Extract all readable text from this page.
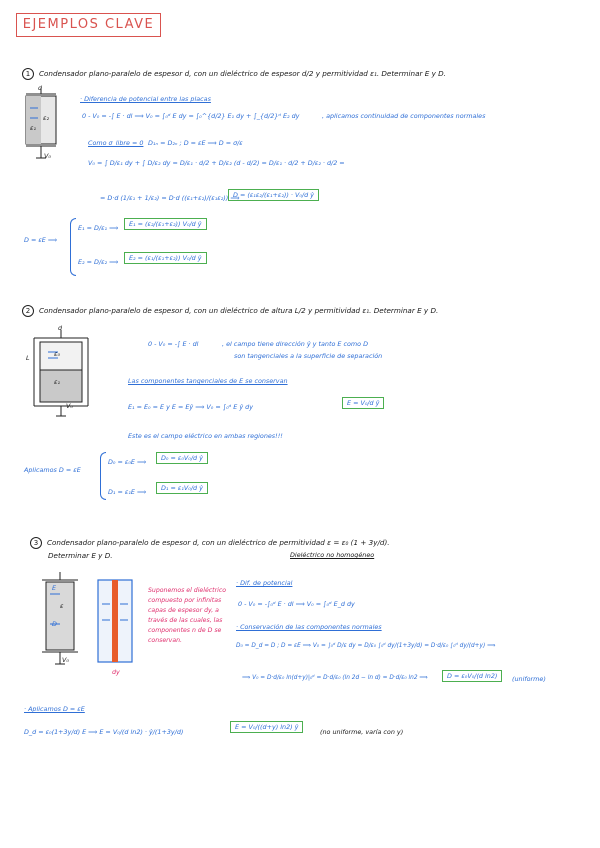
EJEMPLOS CLAVE
1 Condensador plano-paralelo de espesor d, con un dieléctrico de espesor d/2 y permitividad ε₁. Determinar E y D.
d
ε₂
ε₁
V₀
· Diferencia de potencial entre las placas
0 - V₀ = -∫ E · dl ⟹ V₀ = ∫₀ᵈ E dy = ∫₀^{d/2} E₁ dy + ∫_{d/2}ᵈ E₂ dy	, aplicamos continuidad de componentes normales
Como σ_libre = 0 D₁ₙ = D₂ₙ ; D = εE ⟹ D = σ/ε
V₀ = ∫ D/ε₁ dy + ∫ D/ε₂ dy = D/ε₁ · d/2 + D/ε₂ (d - d/2) = D/ε₁ · d/2 + D/ε₂ · d/2 =
= D·d (1/ε₁ + 1/ε₂) = D·d ((ε₁+ε₂)/(ε₁ε₂)) ⟹
D = (ε₁ε₂/(ε₁+ε₂)) · V₀/d ŷ
D = εE ⟹
E₁ = D/ε₁ ⟹	E₁ = (ε₂/(ε₁+ε₂)) V₀/d ŷ
E₂ = D/ε₂ ⟹	E₂ = (ε₁/(ε₁+ε₂)) V₀/d ŷ
2 Condensador plano-paralelo de espesor d, con un dieléctrico de altura L/2 y permitividad ε₁. Determinar E y D.
d
L	ε₀
ε₁
V₀
0 - V₀ = -∫ E · dl	, el campo tiene dirección ŷ y tanto E como D
son tangenciales a la superficie de separación
Las componentes tangenciales de E se conservan
E₁ = E₀ = E y E = Eŷ ⟹ V₀ = ∫₀ᵈ E ŷ dy	E = V₀/d ŷ
Este es el campo eléctrico en ambas regiones!!!
Aplicamos D = εE
D₀ = ε₀E ⟹	D₀ = ε₀V₀/d ŷ
D₁ = ε₁E ⟹	D₁ = ε₁V₀/d ŷ
3 Condensador plano-paralelo de espesor d, con un dieléctrico de permitividad ε = ε₀ (1 + 3y/d).
Determinar E y D.	Dieléctrico no homogéneo
E
ε
D
V₀
dy
Suponemos el dieléctrico compuesto por infinitas capas de espesor dy, a través de las cuales, las componentes n de D se conservan.
· Dif. de potencial
0 - V₀ = -∫₀ᵈ E · dl ⟹ V₀ = ∫₀ᵈ E_d dy
· Conservación de las componentes normales
D₀ = D_d = D ; D = εE ⟹ V₀ = ∫₀ᵈ D/ε dy = D/ε₀ ∫₀ᵈ dy/(1+3y/d) = D·d/ε₀ ∫₀ᵈ dy/(d+y) ⟹
⟹ V₀ = D·d/ε₀ ln(d+y)|₀ᵈ = D·d/ε₀ (ln 2d − ln d) = D·d/ε₀ ln2 ⟹	D = ε₀V₀/(d ln2)	(uniforme)
· Aplicamos D = εE
D_d = ε₀(1+3y/d) E ⟹ E = V₀/(d ln2) · ŷ/(1+3y/d)
E = V₀/((d+y) ln2) ŷ
(no uniforme, varía con y)
